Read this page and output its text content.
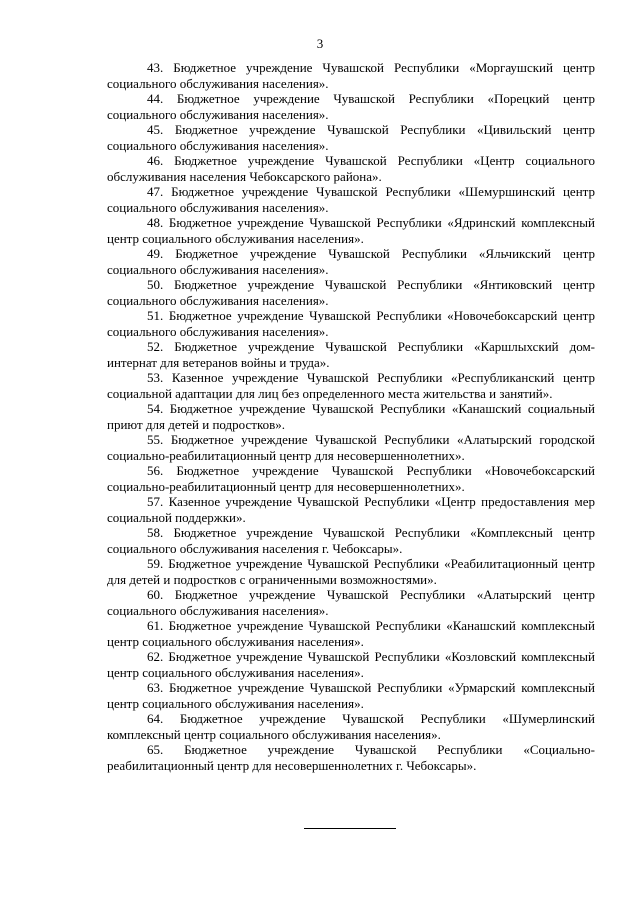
3

43. Бюджетное учреждение Чувашской Республики «Моргаушский центр социального обслуживания населения».

44. Бюджетное учреждение Чувашской Республики «Порецкий центр социального обслуживания населения».

45. Бюджетное учреждение Чувашской Республики «Цивильский центр социального обслуживания населения».

46. Бюджетное учреждение Чувашской Республики «Центр социального обслуживания населения Чебоксарского района».

47. Бюджетное учреждение Чувашской Республики «Шемуршинский центр социального обслуживания населения».

48. Бюджетное учреждение Чувашской Республики «Ядринский комплексный центр социального обслуживания населения».

49. Бюджетное учреждение Чувашской Республики «Яльчикский центр социального обслуживания населения».

50. Бюджетное учреждение Чувашской Республики «Янтиковский центр социального обслуживания населения».

51. Бюджетное учреждение Чувашской Республики «Новочебоксарский центр социального обслуживания населения».

52. Бюджетное учреждение Чувашской Республики «Каршлыхский дом-интернат для ветеранов войны и труда».

53. Казенное учреждение Чувашской Республики «Республиканский центр социальной адаптации для лиц без определенного места жительства и занятий».

54. Бюджетное учреждение Чувашской Республики «Канашский социальный приют для детей и подростков».

55. Бюджетное учреждение Чувашской Республики «Алатырский городской социально-реабилитационный центр для несовершеннолетних».

56. Бюджетное учреждение Чувашской Республики «Новочебоксарский социально-реабилитационный центр для несовершеннолетних».

57. Казенное учреждение Чувашской Республики «Центр предоставления мер социальной поддержки».

58. Бюджетное учреждение Чувашской Республики «Комплексный центр социального обслуживания населения г. Чебоксары».

59. Бюджетное учреждение Чувашской Республики «Реабилитационный центр для детей и подростков с ограниченными возможностями».

60. Бюджетное учреждение Чувашской Республики «Алатырский центр социального обслуживания населения».

61. Бюджетное учреждение Чувашской Республики «Канашский комплексный центр социального обслуживания населения».

62. Бюджетное учреждение Чувашской Республики «Козловский комплексный центр социального обслуживания населения».

63. Бюджетное учреждение Чувашской Республики «Урмарский комплексный центр социального обслуживания населения».

64. Бюджетное учреждение Чувашской Республики «Шумерлинский комплексный центр социального обслуживания населения».

65. Бюджетное учреждение Чувашской Республики «Социально-реабилитационный центр для несовершеннолетних г. Чебоксары».
